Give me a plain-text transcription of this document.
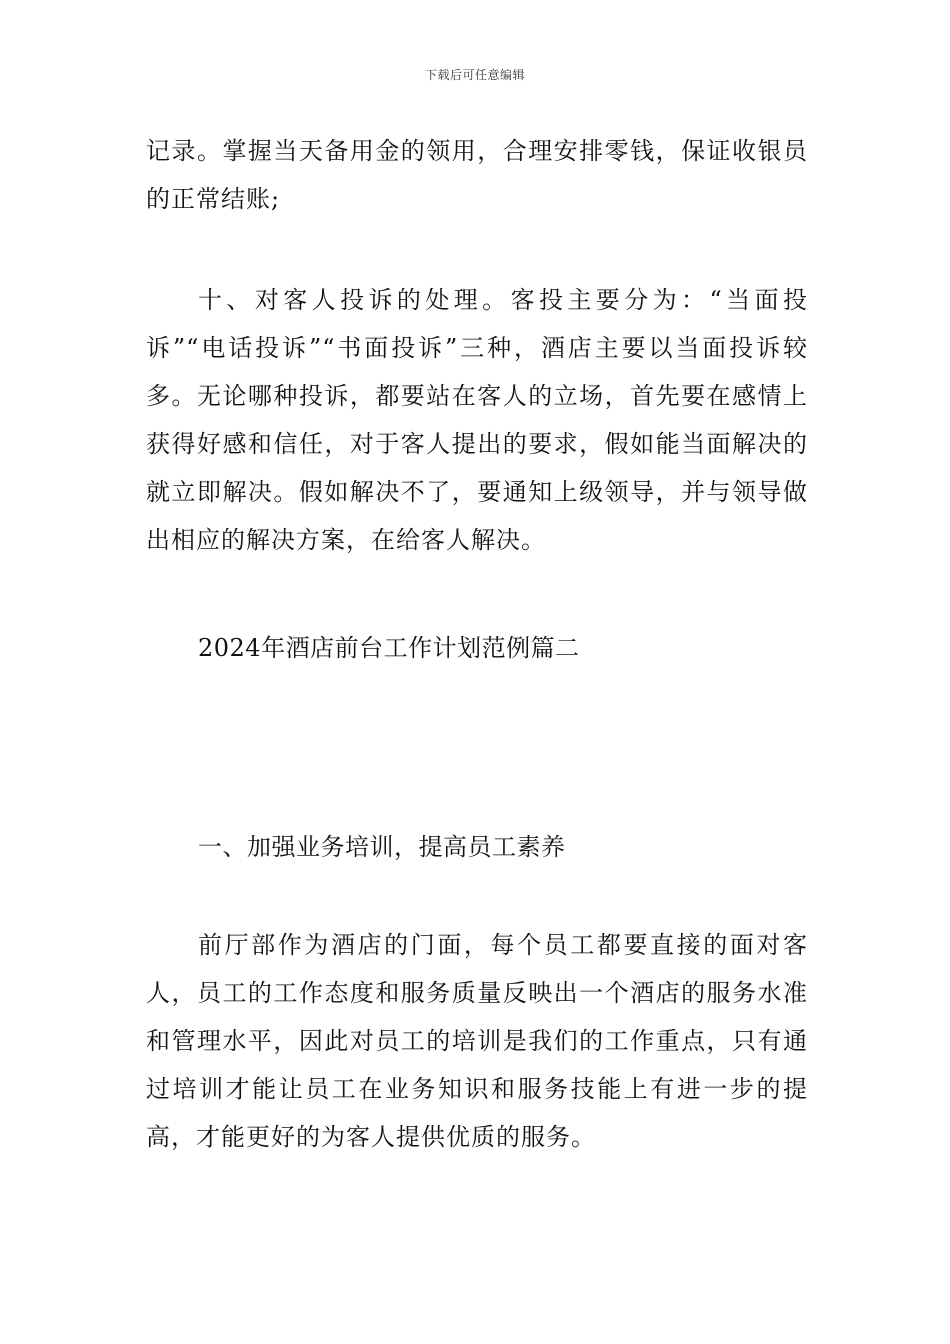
下载后可任意编辑

记录。掌握当天备用金的领用，合理安排零钱，保证收银员的正常结账;

十、对客人投诉的处理。客投主要分为：“当面投诉”“电话投诉”“书面投诉”三种，酒店主要以当面投诉较多。无论哪种投诉，都要站在客人的立场，首先要在感情上获得好感和信任，对于客人提出的要求，假如能当面解决的就立即解决。假如解决不了，要通知上级领导，并与领导做出相应的解决方案，在给客人解决。

2024年酒店前台工作计划范例篇二
一、加强业务培训，提高员工素养

前厅部作为酒店的门面，每个员工都要直接的面对客人，员工的工作态度和服务质量反映出一个酒店的服务水准和管理水平，因此对员工的培训是我们的工作重点，只有通过培训才能让员工在业务知识和服务技能上有进一步的提高，才能更好的为客人提供优质的服务。
